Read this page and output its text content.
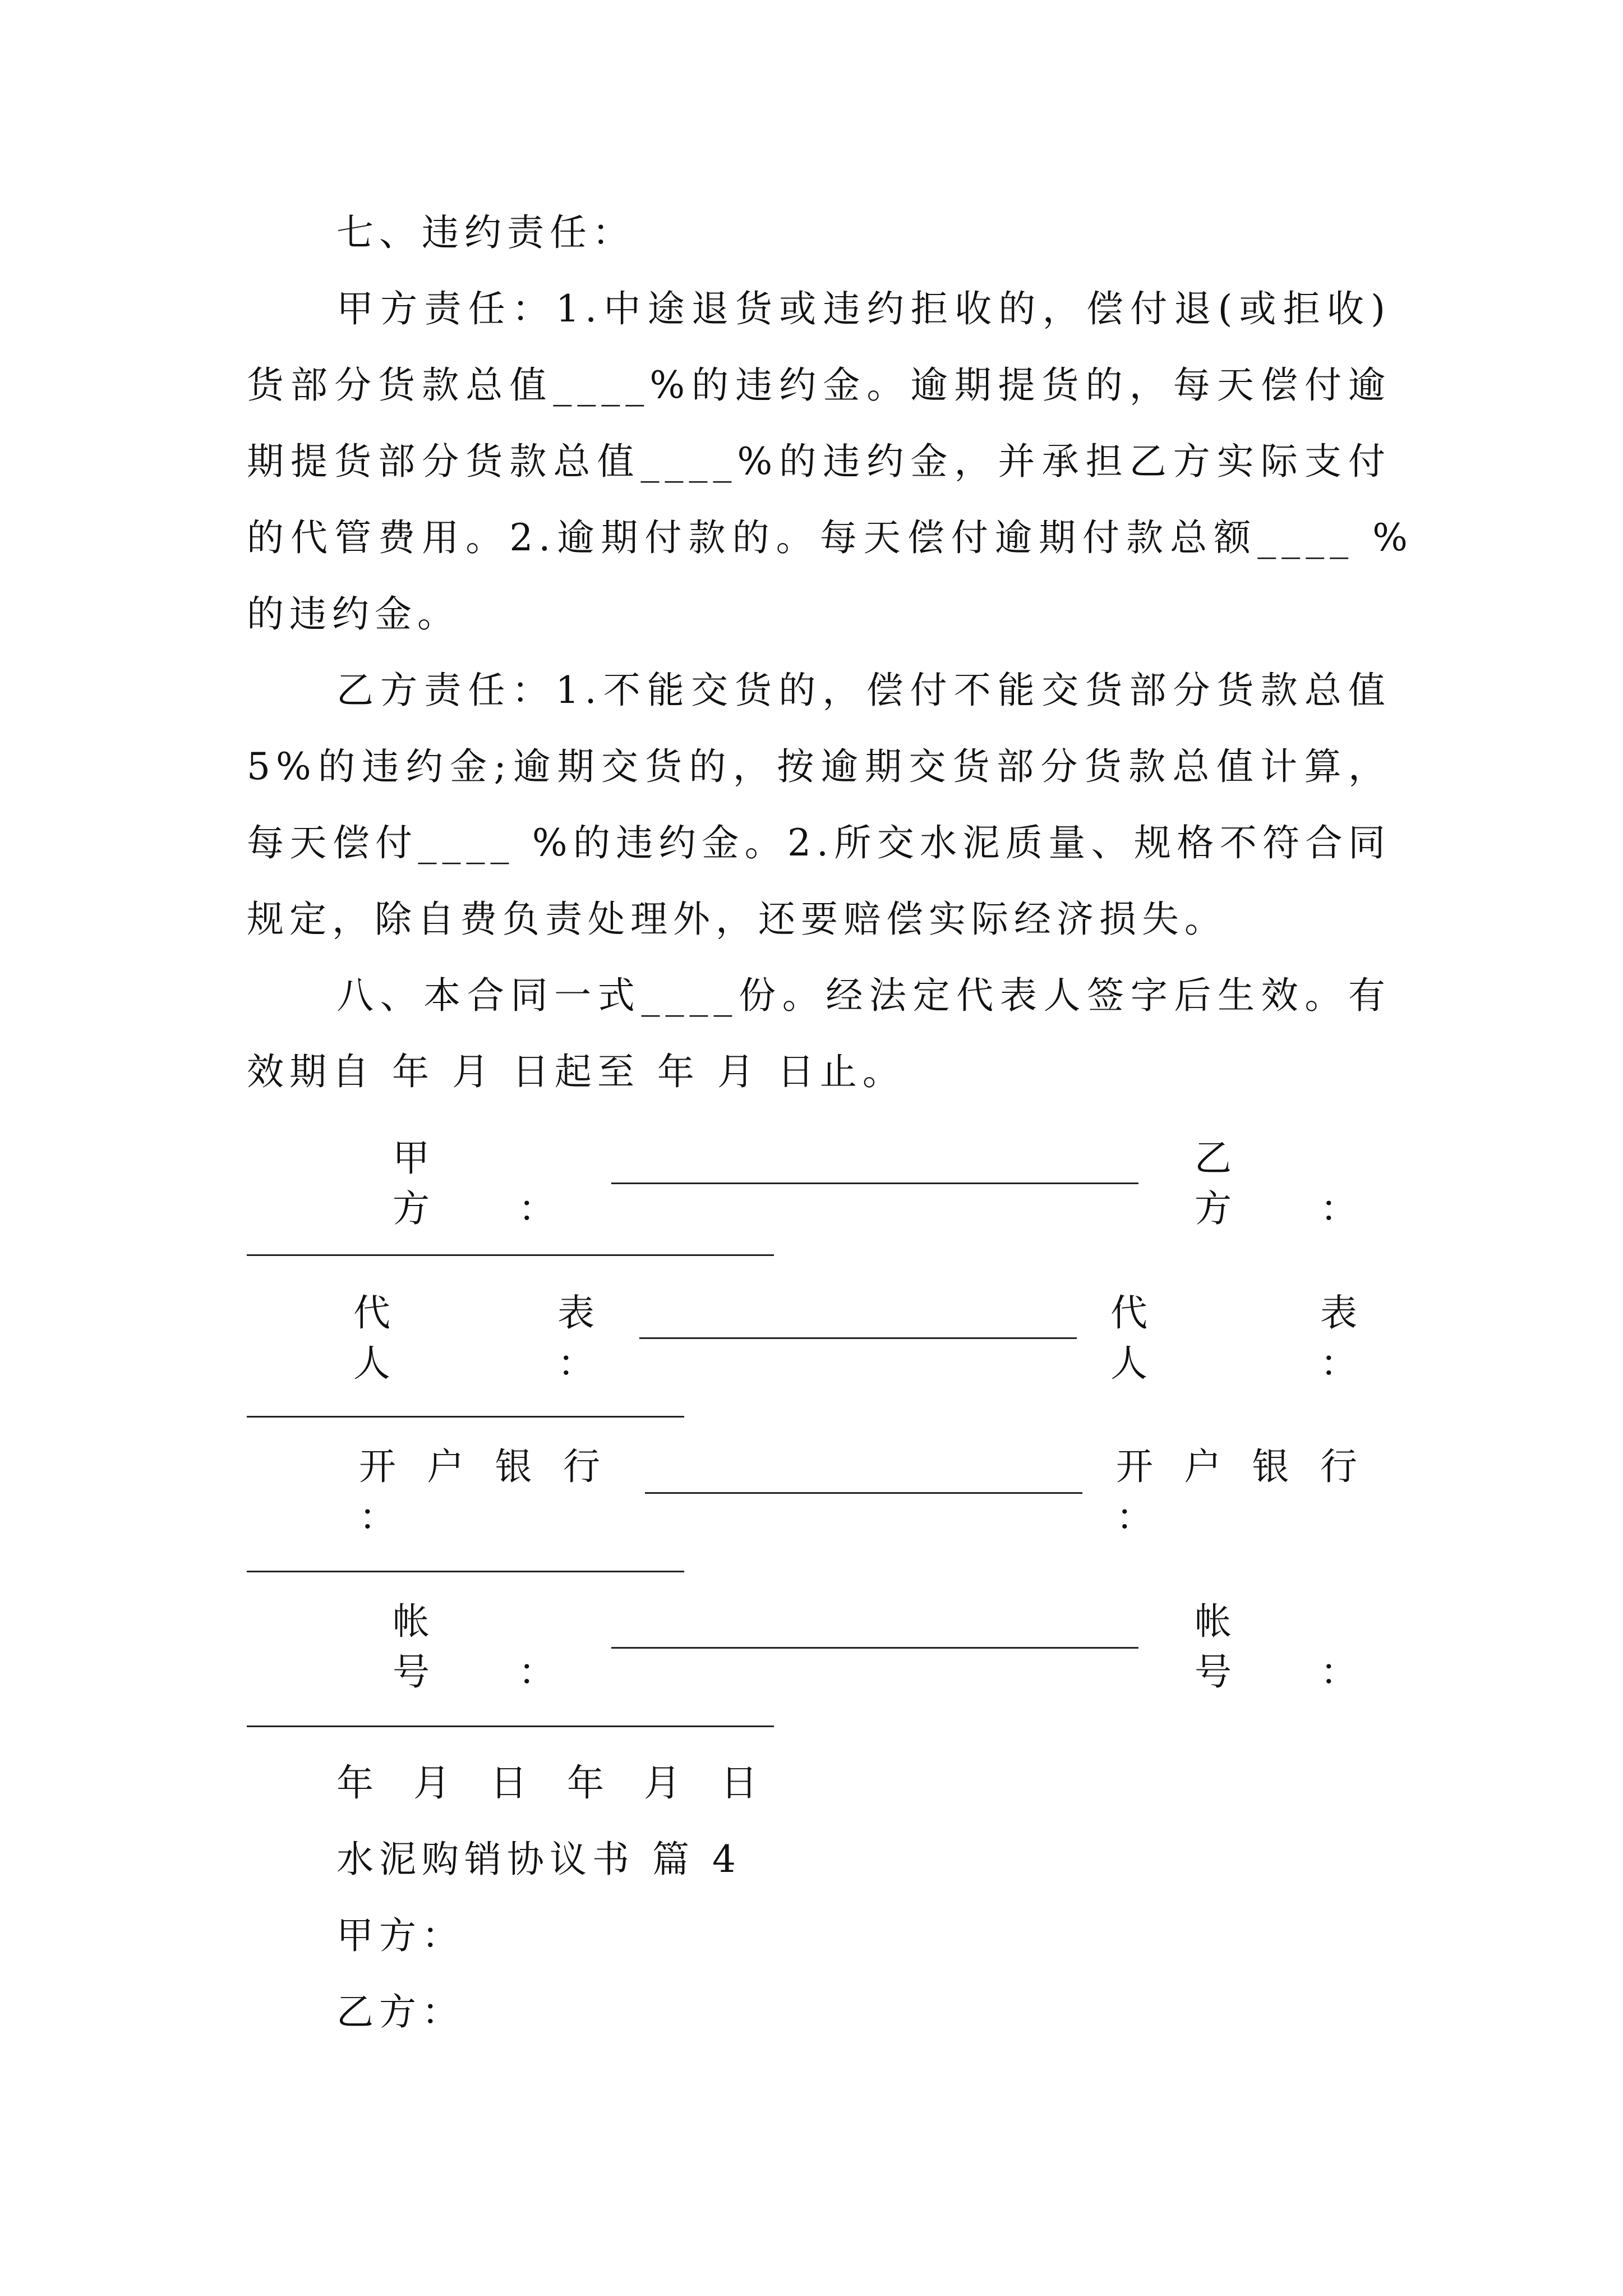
七、违约责任：

甲方责任：1.中途退货或违约拒收的，偿付退(或拒收)

货部分货款总值____%的违约金。逾期提货的，每天偿付逾

期提货部分货款总值____%的违约金，并承担乙方实际支付

的代管费用。2.逾期付款的。每天偿付逾期付款总额____ %

的违约金。

乙方责任：1.不能交货的，偿付不能交货部分货款总值

5%的违约金;逾期交货的，按逾期交货部分货款总值计算，

每天偿付____ %的违约金。2.所交水泥质量、规格不符合同

规定，除自费负责处理外，还要赔偿实际经济损失。

八、本合同一式____份。经法定代表人签字后生效。有

效期自 年 月 日起至 年 月 日止。

甲　方　：

乙　方　：

代　表　人：

代　表　人：

开 户 银 行 ：

开 户 银 行 ：

帐　号　：

帐　号　：

年 月 日 年 月 日

水泥购销协议书 篇 4

甲方：

乙方：
